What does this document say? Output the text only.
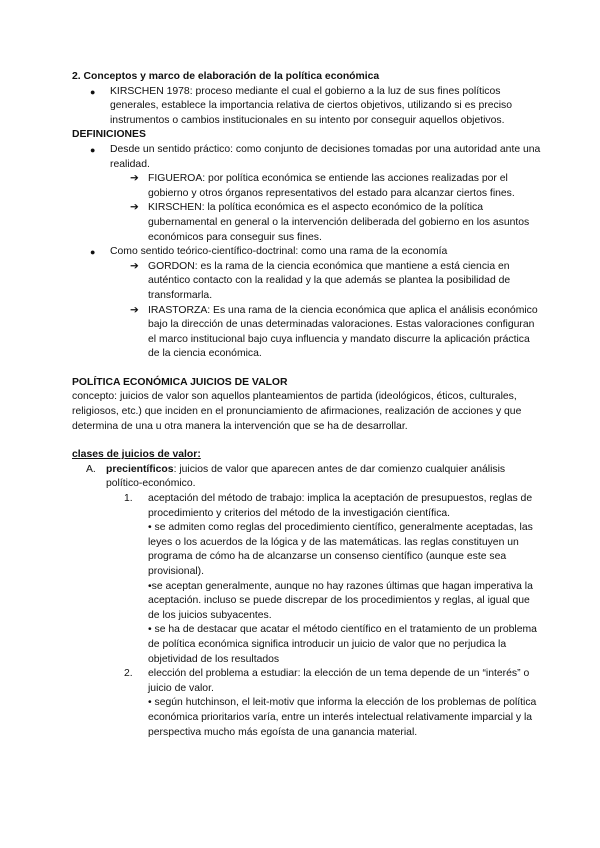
2. Conceptos y marco de elaboración de la política económica
● KIRSCHEN 1978: proceso mediante el cual el gobierno a la luz de sus fines políticos generales, establece la importancia relativa de ciertos objetivos, utilizando si es preciso instrumentos o cambios institucionales en su intento por conseguir aquellos objetivos.
DEFINICIONES
● Desde un sentido práctico: como conjunto de decisiones tomadas por una autoridad ante una realidad.
➔ FIGUEROA: por política económica se entiende las acciones realizadas por el gobierno y otros órganos representativos del estado para alcanzar ciertos fines.
➔ KIRSCHEN: la política económica es el aspecto económico de la política gubernamental en general o la intervención deliberada del gobierno en los asuntos económicos para conseguir sus fines.
● Como sentido teórico-científico-doctrinal: como una rama de la economía
➔ GORDON: es la rama de la ciencia económica que mantiene a está ciencia en auténtico contacto con la realidad y la que además se plantea la posibilidad de transformarla.
➔ IRASTORZA: Es una rama de la ciencia económica que aplica el análisis económico bajo la dirección de unas determinadas valoraciones. Estas valoraciones configuran el marco institucional bajo cuya influencia y mandato discurre la aplicación práctica de la ciencia económica.
POLÍTICA ECONÓMICA JUICIOS DE VALOR
concepto: juicios de valor son aquellos planteamientos de partida (ideológicos, éticos, culturales, religiosos, etc.) que inciden en el pronunciamiento de afirmaciones, realización de acciones y que determina de una u otra manera la intervención que se ha de desarrollar.
clases de juicios de valor:
A. precientíficos: juicios de valor que aparecen antes de dar comienzo cualquier análisis político-económico.
1. aceptación del método de trabajo: implica la aceptación de presupuestos, reglas de procedimiento y criterios del método de la investigación científica.
• se admiten como reglas del procedimiento científico, generalmente aceptadas, las leyes o los acuerdos de la lógica y de las matemáticas. las reglas constituyen un programa de cómo ha de alcanzarse un consenso científico (aunque este sea provisional).
•se aceptan generalmente, aunque no hay razones últimas que hagan imperativa la aceptación. incluso se puede discrepar de los procedimientos y reglas, al igual que de los juicios subyacentes.
• se ha de destacar que acatar el método científico en el tratamiento de un problema de política económica significa introducir un juicio de valor que no perjudica la objetividad de los resultados
2. elección del problema a estudiar: la elección de un tema depende de un “interés” o juicio de valor.
• según hutchinson, el leit-motiv que informa la elección de los problemas de política económica prioritarios varía, entre un interés intelectual relativamente imparcial y la perspectiva mucho más egoísta de una ganancia material.
